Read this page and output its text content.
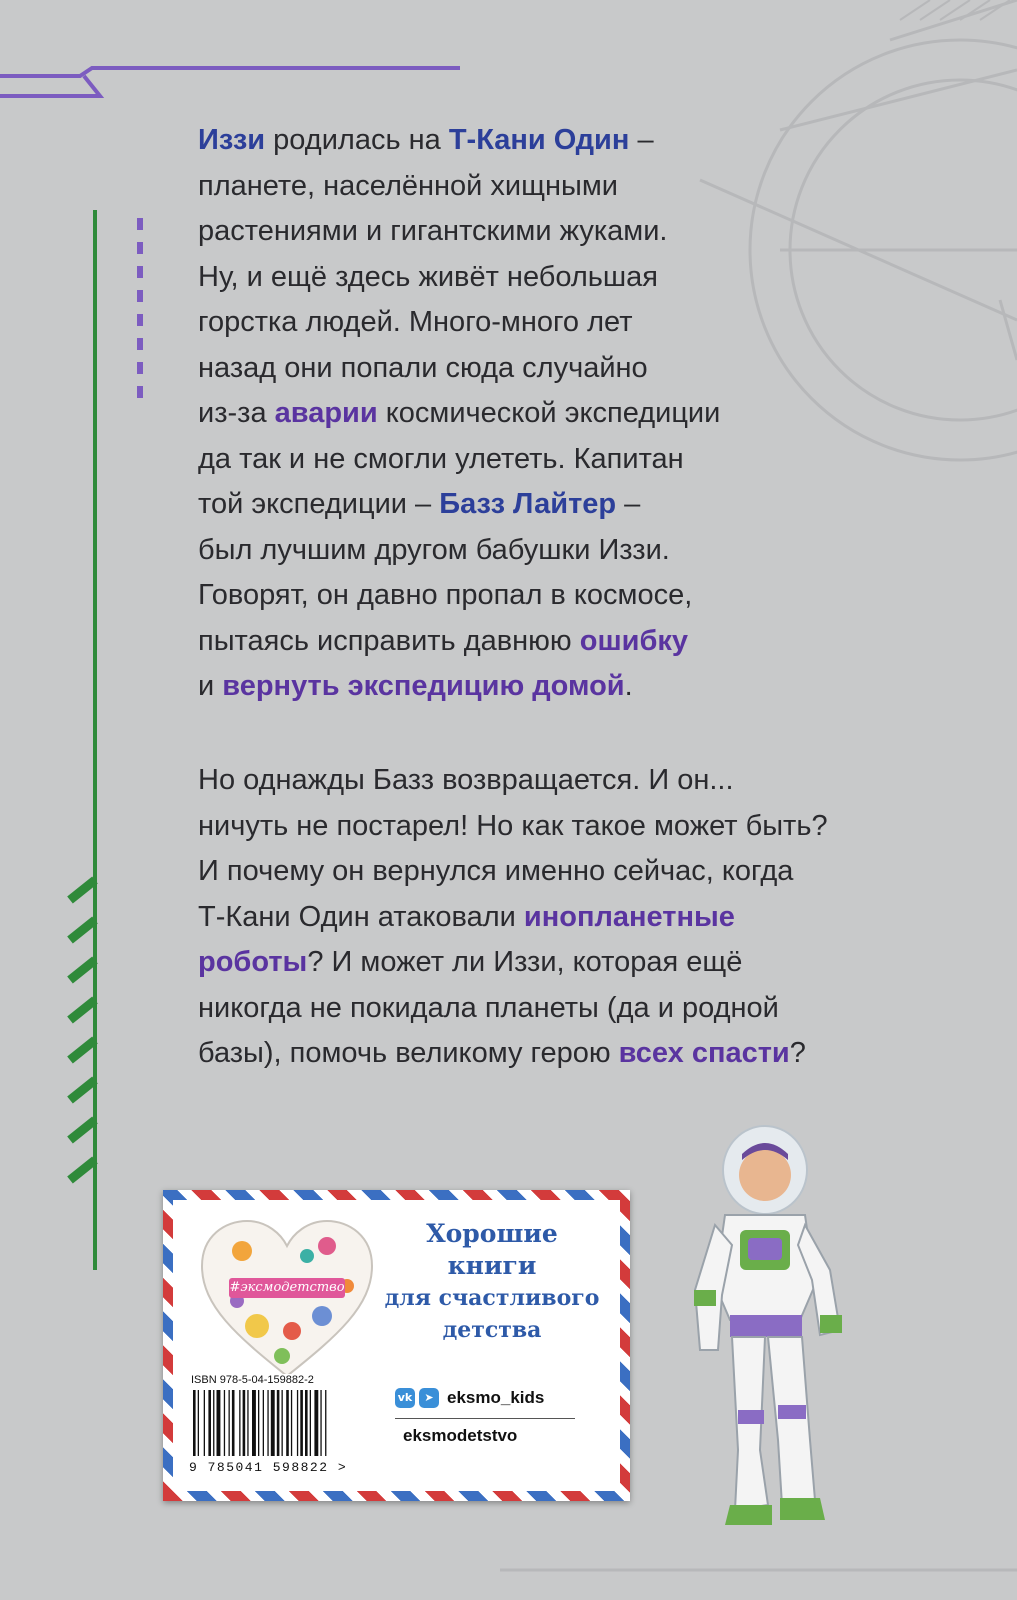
Иззи родилась на Т-Кани Один –
планете, населённой хищными
растениями и гигантскими жуками.
Ну, и ещё здесь живёт небольшая
горстка людей. Много-много лет
назад они попали сюда случайно
из-за аварии космической экспедиции
да так и не смогли улететь. Капитан
той экспедиции – Базз Лайтер –
был лучшим другом бабушки Иззи.
Говорят, он давно пропал в космосе,
пытаясь исправить давнюю ошибку
и вернуть экспедицию домой.
Но однажды Базз возвращается. И он...
ничуть не постарел! Но как такое может быть?
И почему он вернулся именно сейчас, когда
Т-Кани Один атаковали инопланетные
роботы? И может ли Иззи, которая ещё
никогда не покидала планеты (да и родной
базы), помочь великому герою всех спасти?
#эксмодетство
Хорошие
книги
для счастливого
детства
ISBN 978-5-04-159882-2
9 785041 598822 >
vk	➤ eksmo_kids
eksmodetstvo
